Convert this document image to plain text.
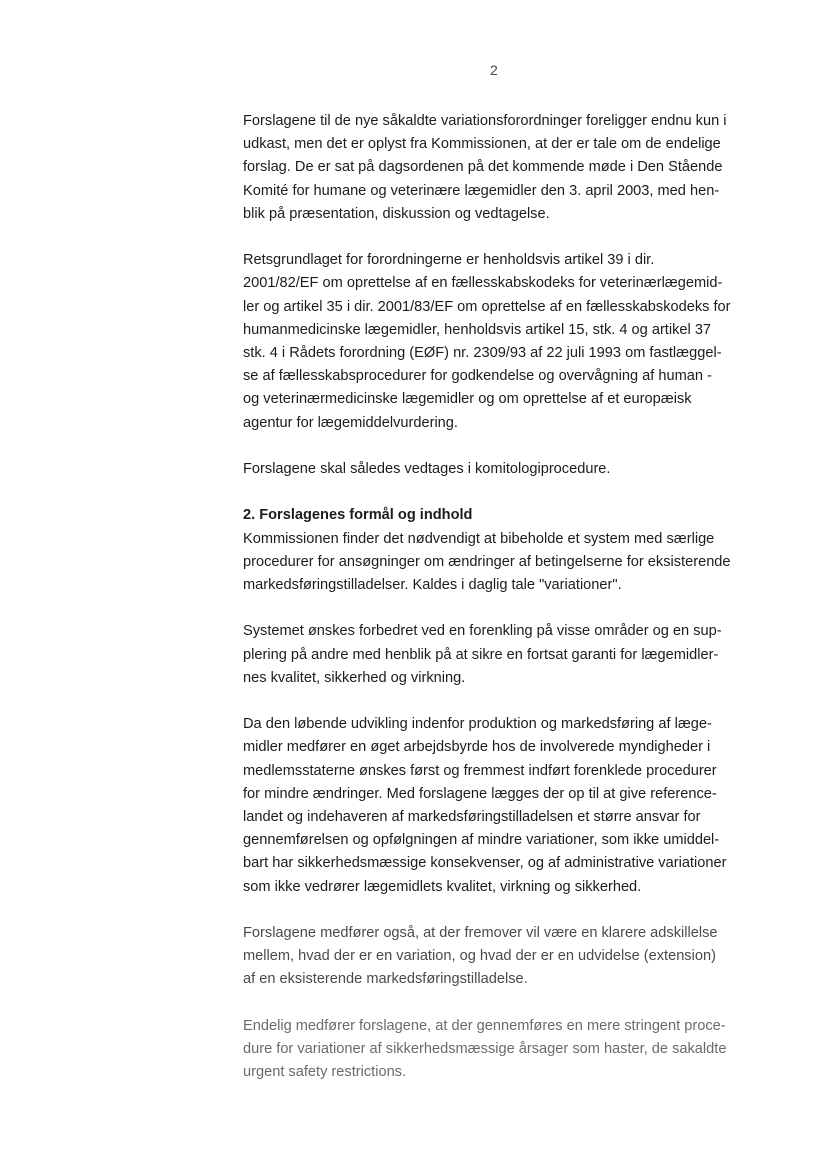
2
Forslagene til de nye såkaldte variationsforordninger foreligger endnu kun i
udkast, men det er oplyst fra Kommissionen, at der er tale om de endelige
forslag. De er sat på dagsordenen på det kommende møde i Den Stående
Komité for humane og veterinære lægemidler den 3. april 2003, med hen-
blik på præsentation, diskussion og vedtagelse.
Retsgrundlaget for forordningerne er henholdsvis artikel 39 i dir.
2001/82/EF om oprettelse af en fællesskabskodeks for veterinærlægemid-
ler og artikel 35 i dir. 2001/83/EF om oprettelse af en fællesskabskodeks for
humanmedicinske lægemidler, henholdsvis artikel 15, stk. 4 og artikel 37
stk. 4 i Rådets forordning (EØF) nr. 2309/93 af 22 juli 1993 om fastlæggel-
se af fællesskabsprocedurer for godkendelse og overvågning af human -
og veterinærmedicinske lægemidler og om oprettelse af et europæisk
agentur for lægemiddelvurdering.
Forslagene skal således vedtages i komitologiprocedure.
2. Forslagenes formål og indhold
Kommissionen finder det nødvendigt at bibeholde et system med særlige
procedurer for ansøgninger om ændringer af betingelserne for eksisterende
markedsføringstilladelser. Kaldes i daglig tale "variationer".
Systemet ønskes forbedret ved en forenkling på visse områder og en sup-
plering på andre med henblik på at sikre en fortsat garanti for lægemidler-
nes kvalitet, sikkerhed og virkning.
Da den løbende udvikling indenfor produktion og markedsføring af læge-
midler medfører en øget arbejdsbyrde hos de involverede myndigheder i
medlemsstaterne ønskes først og fremmest indført forenklede procedurer
for mindre ændringer. Med forslagene lægges der op til at give reference-
landet og indehaveren af markedsføringstilladelsen et større ansvar for
gennemførelsen og opfølgningen af mindre variationer, som ikke umiddel-
bart har sikkerhedsmæssige konsekvenser, og af administrative variationer
som ikke vedrører lægemidlets kvalitet, virkning og sikkerhed.
Forslagene medfører også, at der fremover vil være en klarere adskillelse
mellem, hvad der er en variation, og hvad der er en udvidelse (extension)
af en eksisterende markedsføringstilladelse.
Endelig medfører forslagene, at der gennemføres en mere stringent proce-
dure for variationer af sikkerhedsmæssige årsager som haster, de sakaldte
urgent safety restrictions.
